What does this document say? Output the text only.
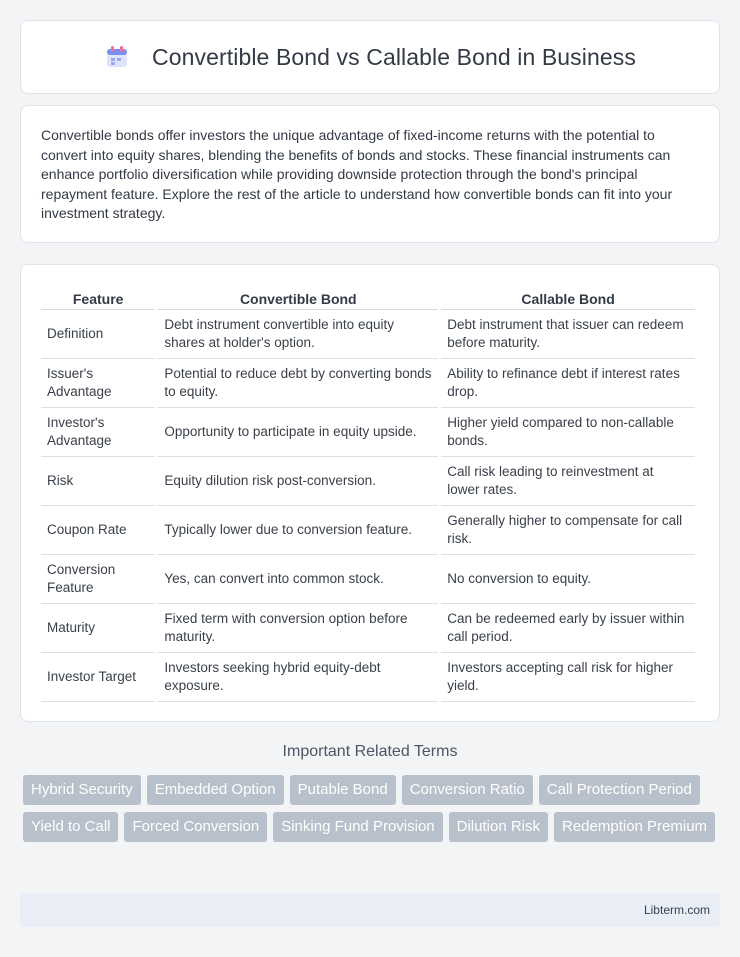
Convertible Bond vs Callable Bond in Business

Convertible bonds offer investors the unique advantage of fixed-income returns with the potential to convert into equity shares, blending the benefits of bonds and stocks. These financial instruments can enhance portfolio diversification while providing downside protection through the bond's principal repayment feature. Explore the rest of the article to understand how convertible bonds can fit into your investment strategy.

Feature	Convertible Bond	Callable Bond
Definition	Debt instrument convertible into equity shares at holder's option.	Debt instrument that issuer can redeem before maturity.
Issuer's Advantage	Potential to reduce debt by converting bonds to equity.	Ability to refinance debt if interest rates drop.
Investor's Advantage	Opportunity to participate in equity upside.	Higher yield compared to non-callable bonds.
Risk	Equity dilution risk post-conversion.	Call risk leading to reinvestment at lower rates.
Coupon Rate	Typically lower due to conversion feature.	Generally higher to compensate for call risk.
Conversion Feature	Yes, can convert into common stock.	No conversion to equity.
Maturity	Fixed term with conversion option before maturity.	Can be redeemed early by issuer within call period.
Investor Target	Investors seeking hybrid equity-debt exposure.	Investors accepting call risk for higher yield.
Important Related Terms
Hybrid Security	Embedded Option	Putable Bond	Conversion Ratio	Call Protection Period
Yield to Call	Forced Conversion	Sinking Fund Provision	Dilution Risk	Redemption Premium
Libterm.com
